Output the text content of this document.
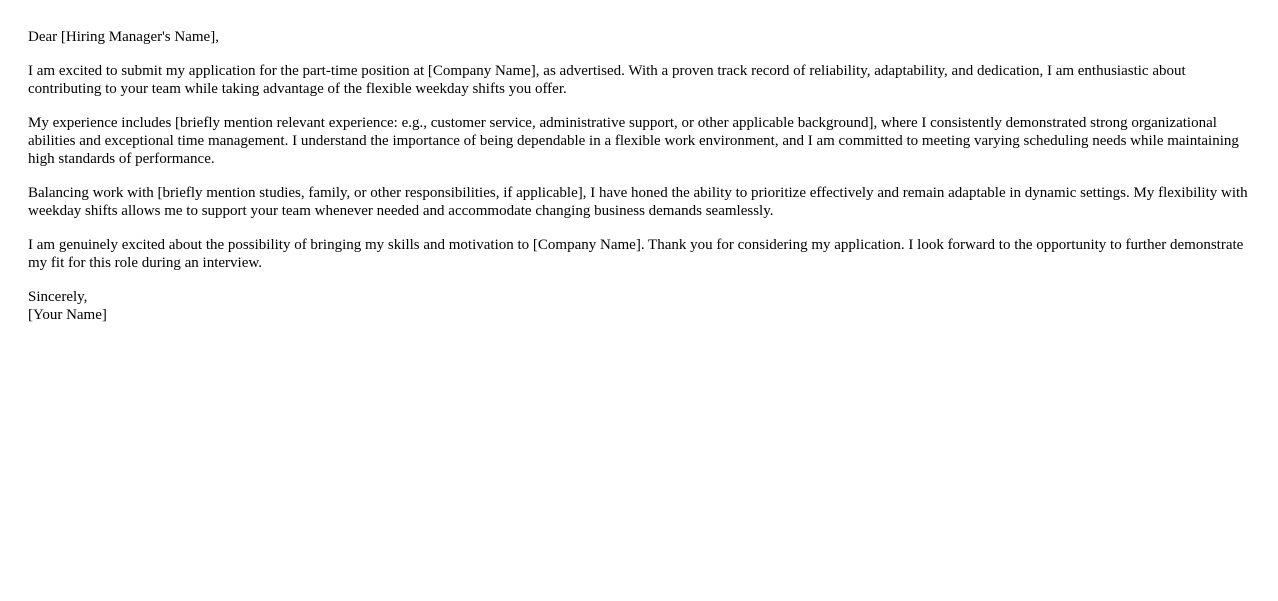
Dear [Hiring Manager's Name],

I am excited to submit my application for the part-time position at [Company Name], as advertised. With a proven track record of reliability, adaptability, and dedication, I am enthusiastic about contributing to your team while taking advantage of the flexible weekday shifts you offer.

My experience includes [briefly mention relevant experience: e.g., customer service, administrative support, or other applicable background], where I consistently demonstrated strong organizational abilities and exceptional time management. I understand the importance of being dependable in a flexible work environment, and I am committed to meeting varying scheduling needs while maintaining high standards of performance.

Balancing work with [briefly mention studies, family, or other responsibilities, if applicable], I have honed the ability to prioritize effectively and remain adaptable in dynamic settings. My flexibility with weekday shifts allows me to support your team whenever needed and accommodate changing business demands seamlessly.

I am genuinely excited about the possibility of bringing my skills and motivation to [Company Name]. Thank you for considering my application. I look forward to the opportunity to further demonstrate my fit for this role during an interview.

Sincerely,
[Your Name]
